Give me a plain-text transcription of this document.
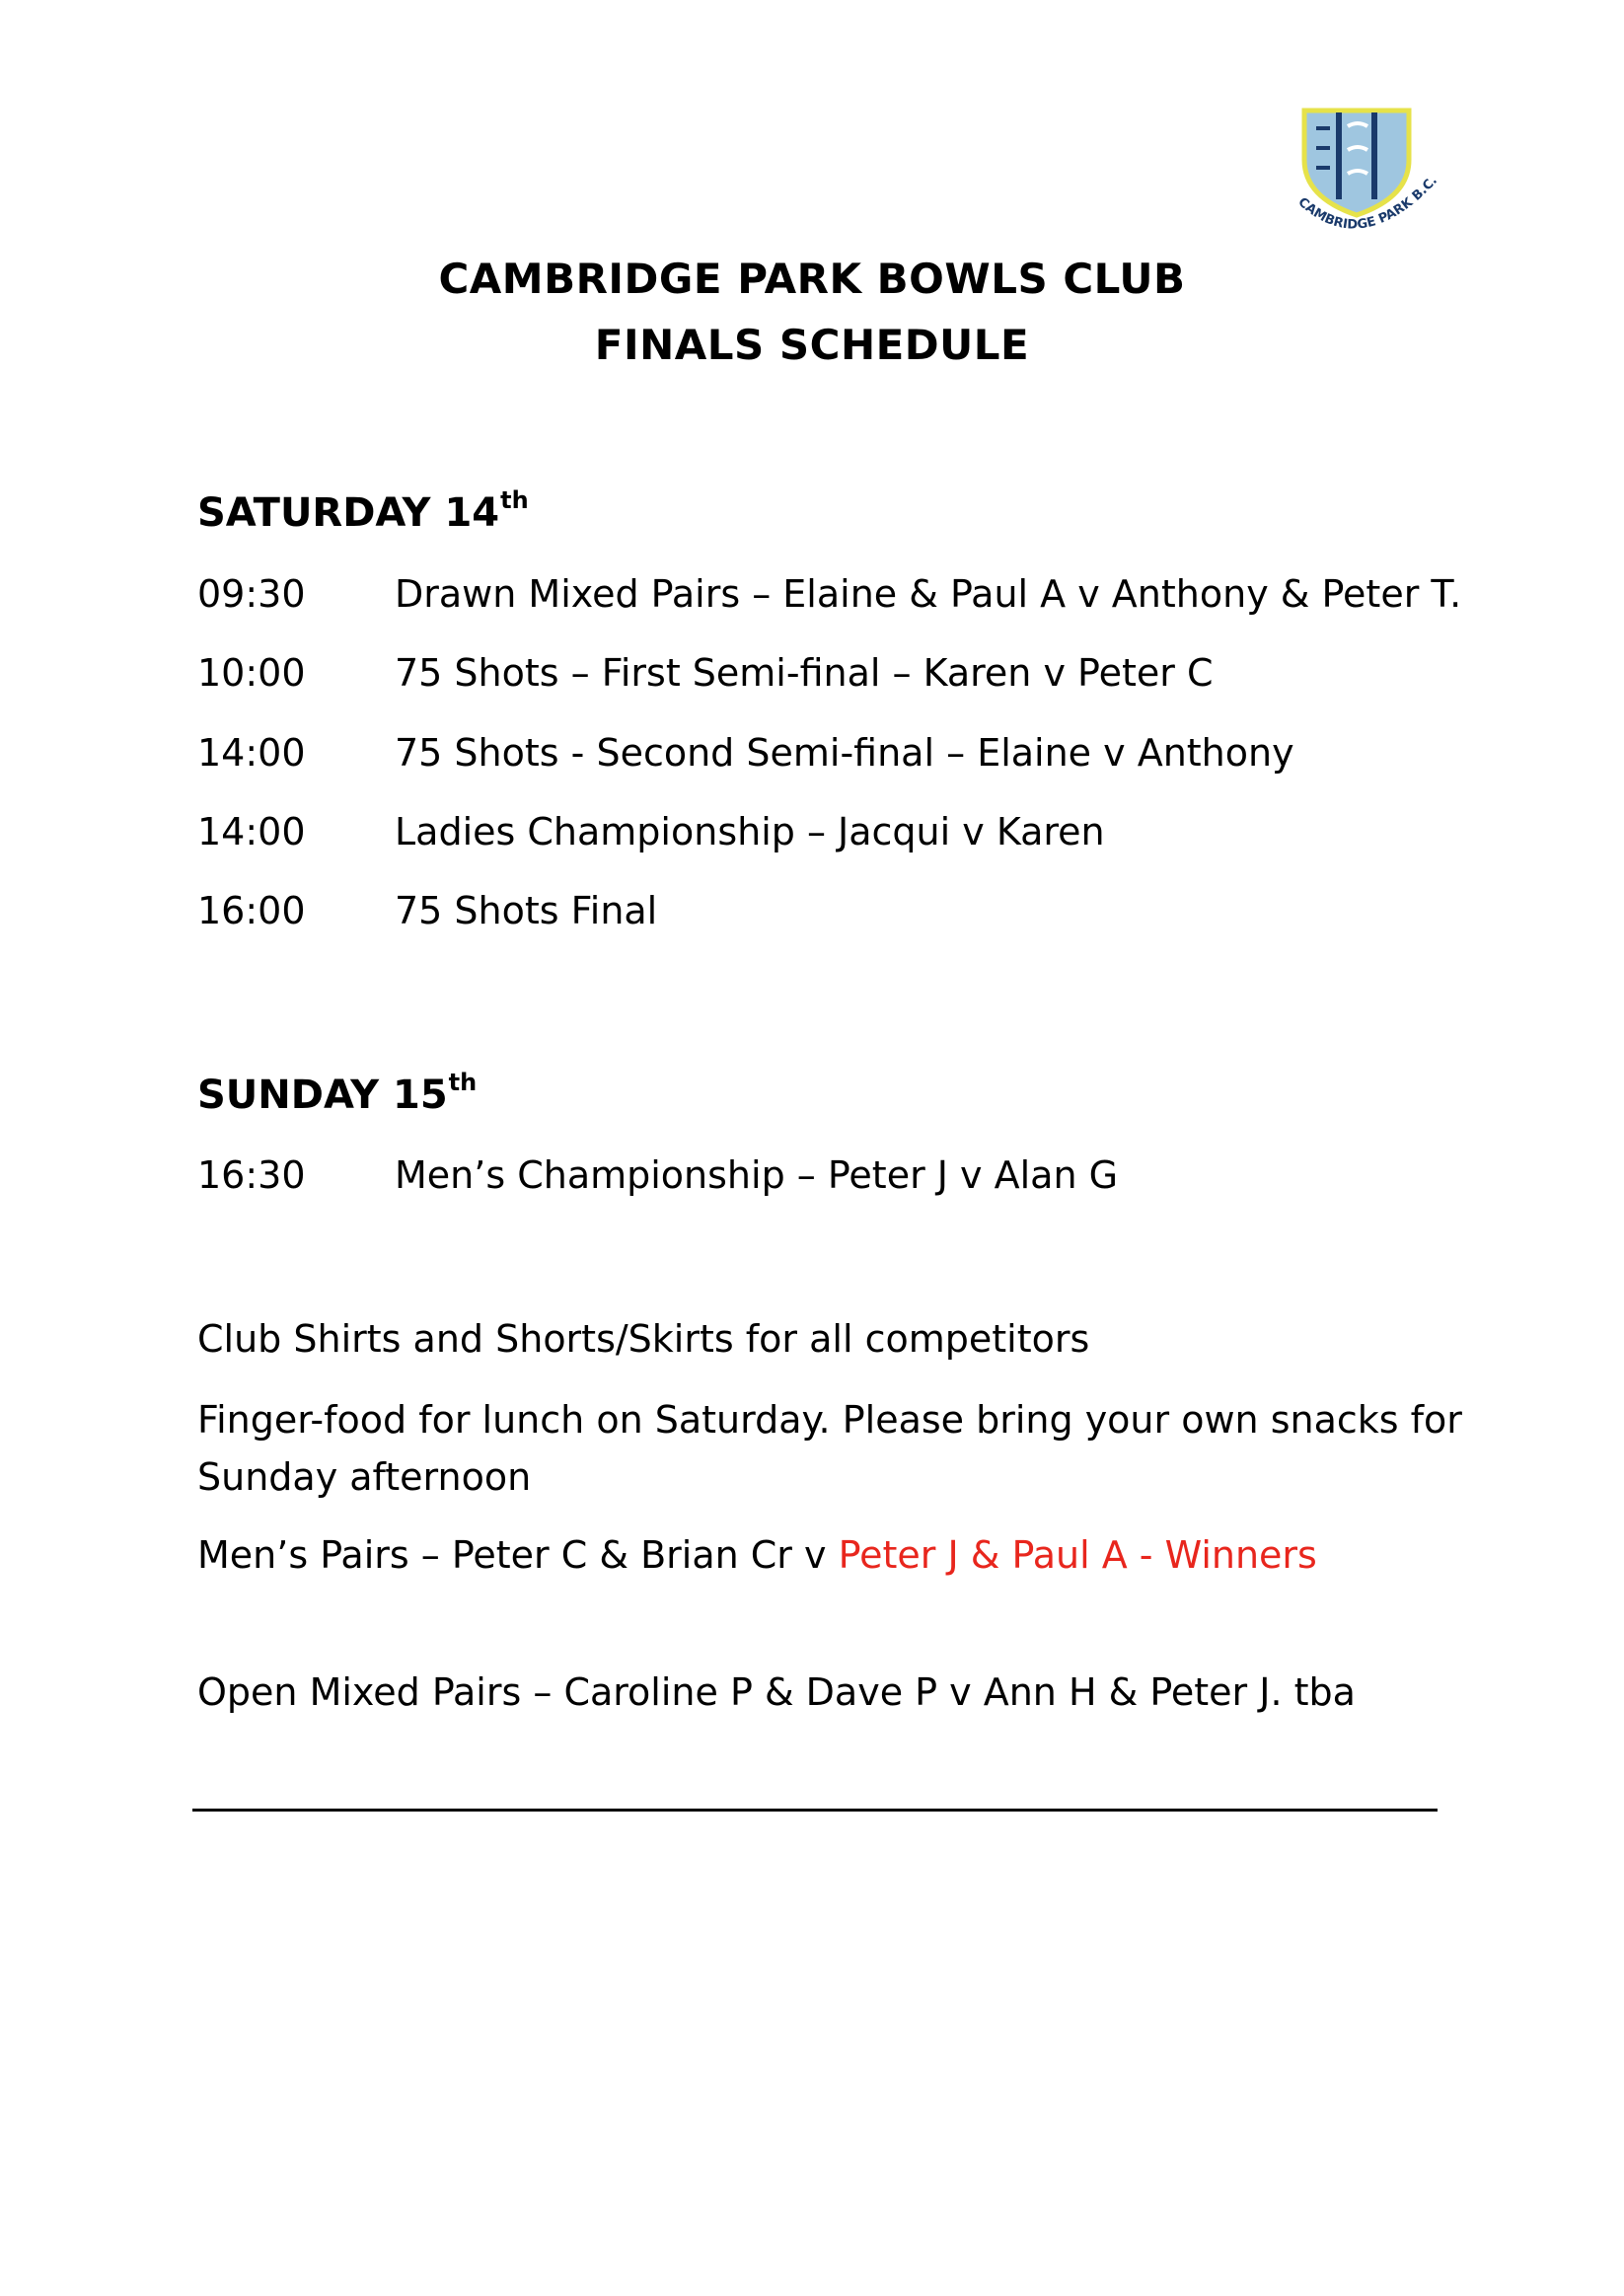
CAMBRIDGE PARK B.C.
CAMBRIDGE PARK BOWLS CLUB
FINALS SCHEDULE
SATURDAY 14th
09:30 Drawn Mixed Pairs – Elaine & Paul A v Anthony & Peter T.
10:00 75 Shots – First Semi-final – Karen v Peter C
14:00 75 Shots - Second Semi-final – Elaine v Anthony
14:00 Ladies Championship – Jacqui v Karen
16:00 75 Shots Final
SUNDAY 15th
16:30 Men’s Championship – Peter J v Alan G
Club Shirts and Shorts/Skirts for all competitors
Finger-food for lunch on Saturday. Please bring your own snacks for
Sunday afternoon
Men’s Pairs – Peter C & Brian Cr v Peter J & Paul A - Winners
Open Mixed Pairs – Caroline P & Dave P v Ann H & Peter J. tba
